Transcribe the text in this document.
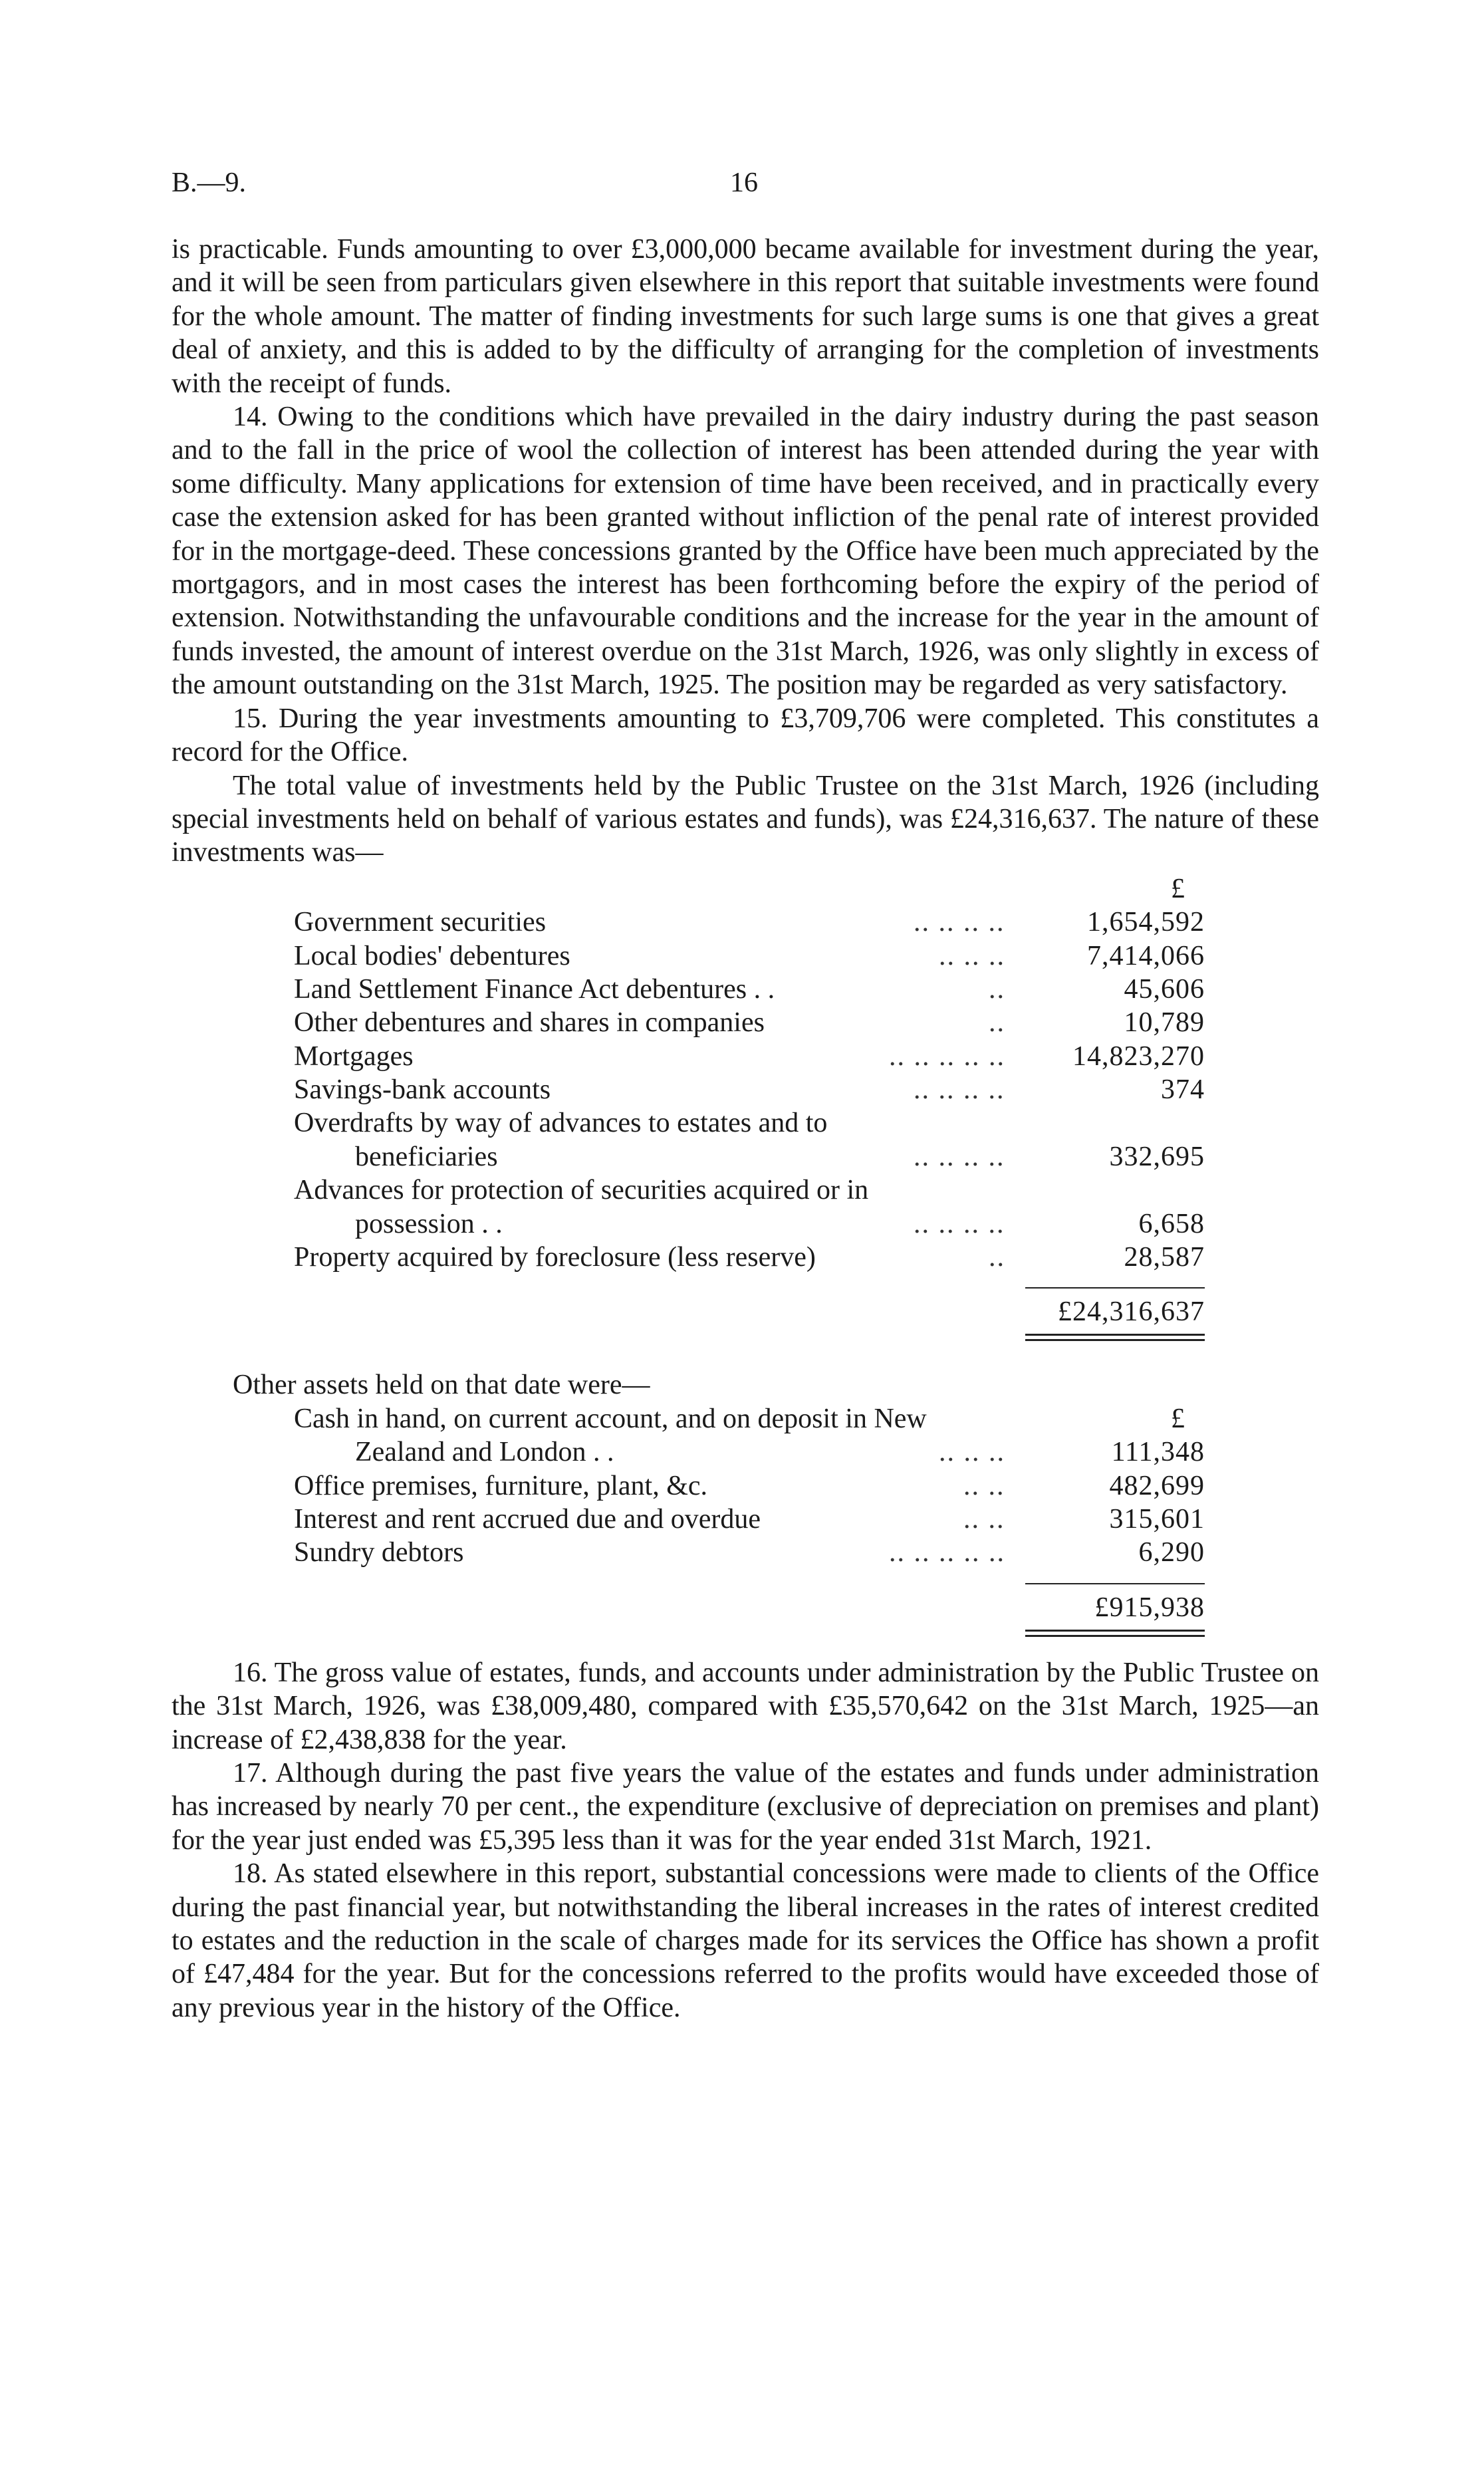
B.—9.	16

is practicable. Funds amounting to over £3,000,000 became available for investment during the year, and it will be seen from particulars given elsewhere in this report that suitable investments were found for the whole amount. The matter of finding investments for such large sums is one that gives a great deal of anxiety, and this is added to by the difficulty of arranging for the completion of investments with the receipt of funds.

14. Owing to the conditions which have prevailed in the dairy industry during the past season and to the fall in the price of wool the collection of interest has been attended during the year with some difficulty. Many applications for extension of time have been received, and in practically every case the extension asked for has been granted without infliction of the penal rate of interest provided for in the mortgage-deed. These concessions granted by the Office have been much appreciated by the mortgagors, and in most cases the interest has been forthcoming before the expiry of the period of extension. Notwithstanding the unfavourable conditions and the increase for the year in the amount of funds invested, the amount of interest overdue on the 31st March, 1926, was only slightly in excess of the amount outstanding on the 31st March, 1925. The position may be regarded as very satisfactory.

15. During the year investments amounting to £3,709,706 were completed. This constitutes a record for the Office.

The total value of investments held by the Public Trustee on the 31st March, 1926 (including special investments held on behalf of various estates and funds), was £24,316,637. The nature of these investments was—

£
Government securities	.. .. .. ..	1,654,592
Local bodies' debentures	.. .. ..	7,414,066
Land Settlement Finance Act debentures . .	..	45,606
Other debentures and shares in companies	..	10,789
Mortgages	.. .. .. .. .. 14,823,270
Savings-bank accounts	.. .. .. ..	374
Overdrafts by way of advances to estates and to
beneficiaries	.. .. .. ..	332,695
Advances for protection of securities acquired or in
possession . .	.. .. .. ..	6,658
Property acquired by foreclosure (less reserve)	..	28,587
£24,316,637
Other assets held on that date were—
Cash in hand, on current account, and on deposit in New	£
Zealand and London . .	.. .. ..	111,348
Office premises, furniture, plant, &c.	.. ..	482,699
Interest and rent accrued due and overdue	.. ..	315,601
Sundry debtors	.. .. .. .. ..	6,290
£915,938

16. The gross value of estates, funds, and accounts under administration by the Public Trustee on the 31st March, 1926, was £38,009,480, compared with £35,570,642 on the 31st March, 1925—an increase of £2,438,838 for the year.

17. Although during the past five years the value of the estates and funds under administration has increased by nearly 70 per cent., the expenditure (exclusive of depreciation on premises and plant) for the year just ended was £5,395 less than it was for the year ended 31st March, 1921.

18. As stated elsewhere in this report, substantial concessions were made to clients of the Office during the past financial year, but notwithstanding the liberal increases in the rates of interest credited to estates and the reduction in the scale of charges made for its services the Office has shown a profit of £47,484 for the year. But for the concessions referred to the profits would have exceeded those of any previous year in the history of the Office.
